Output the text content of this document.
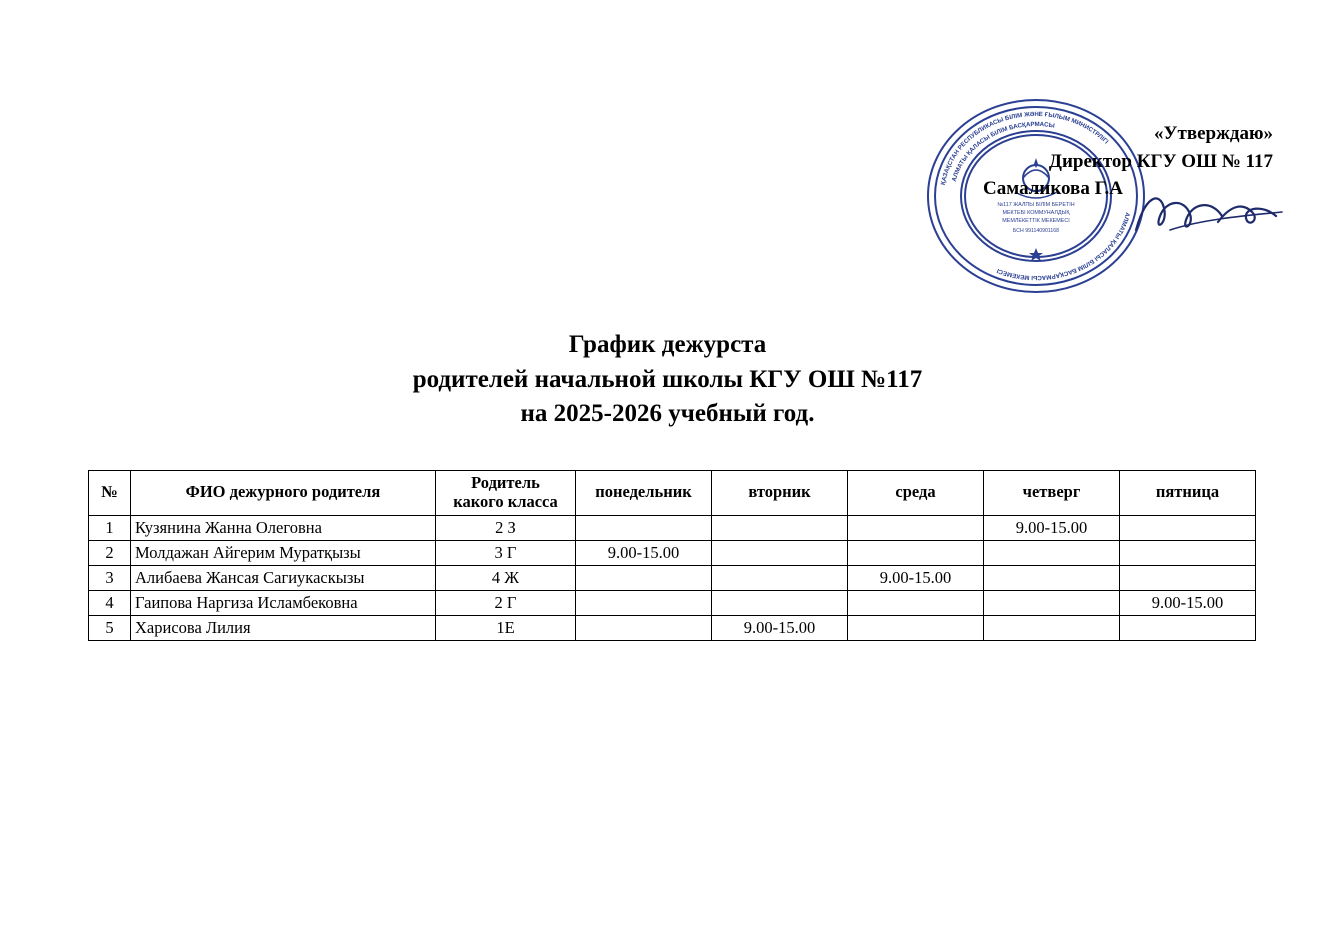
ҚАЗАҚСТАН РЕСПУБЛИКАСЫ БІЛІМ ЖӘНЕ ҒЫЛЫМ МИНИСТРЛІГІ
АЛМАТЫ ҚАЛАСЫ БІЛІМ БАСҚАРМАСЫ МЕКЕМЕСІ
АЛМАТЫ ҚАЛАСЫ БІЛІМ БАСҚАРМАСЫ
№117 ЖАЛПЫ БІЛІМ БЕРЕТІН
МЕКТЕБІ КОММУНАЛДЫҚ
МЕМЛЕКЕТТІК МЕКЕМЕСІ
БСН 991140901168
«Утверждаю»
Директор КГУ ОШ № 117
Самаликова Г.А
График дежурста
родителей начальной школы КГУ ОШ №117
на 2025-2026 учебный год.
№	ФИО дежурного родителя	Родитель
какого класса	понедельник	вторник	среда	четверг	пятница
1	Кузянина Жанна Олеговна	2 З				9.00-15.00	
2	Молдажан Айгерим Муратқызы	3 Г	9.00-15.00				
3	Алибаева Жансая Сагиукаскызы	4 Ж			9.00-15.00		
4	Гаипова Наргиза Исламбековна	2 Г					9.00-15.00
5	Харисова Лилия	1Е		9.00-15.00			
